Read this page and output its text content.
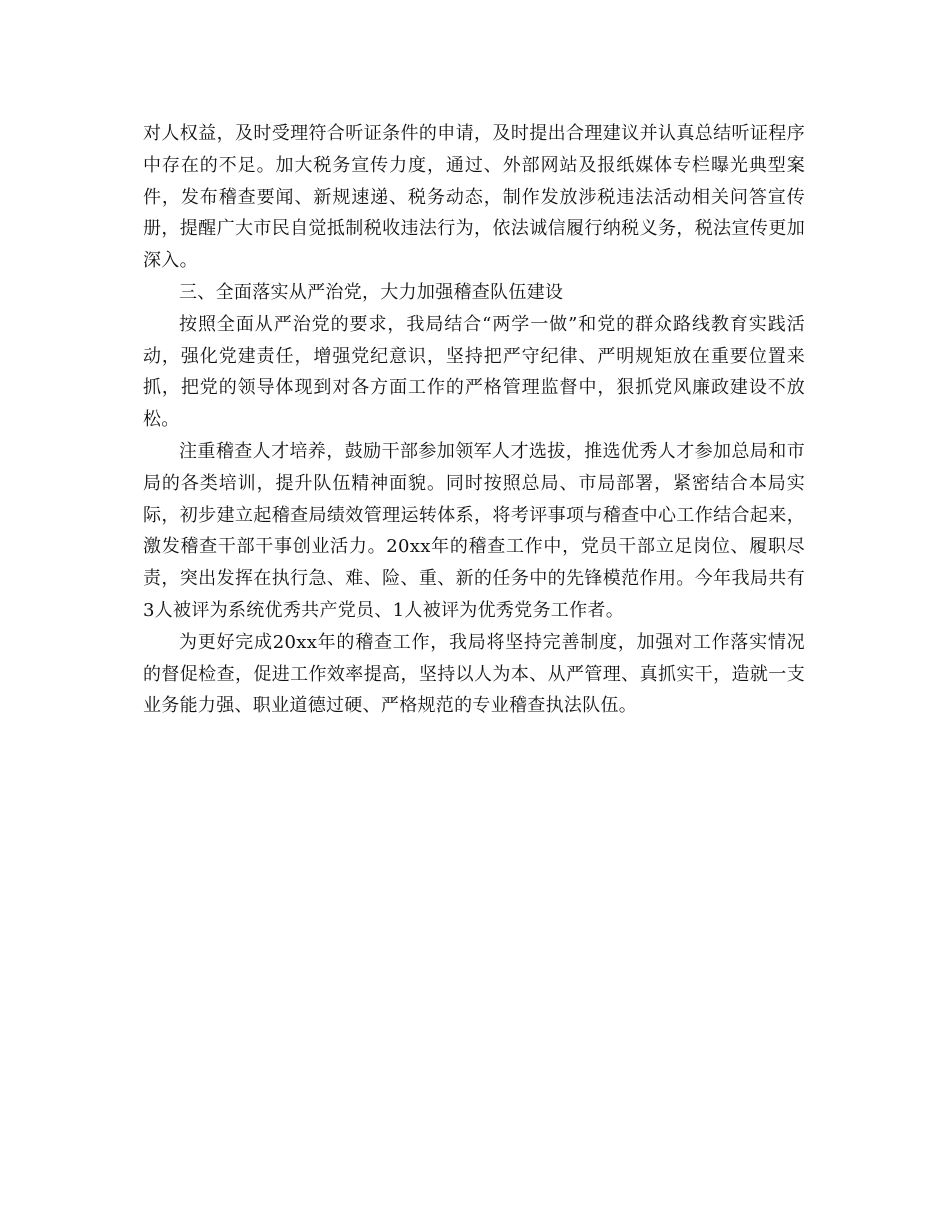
对人权益，及时受理符合听证条件的申请，及时提出合理建议并认真总结听证程序中存在的不足。加大税务宣传力度，通过、外部网站及报纸媒体专栏曝光典型案件，发布稽查要闻、新规速递、税务动态，制作发放涉税违法活动相关问答宣传册，提醒广大市民自觉抵制税收违法行为，依法诚信履行纳税义务，税法宣传更加深入。

三、全面落实从严治党，大力加强稽查队伍建设

按照全面从严治党的要求，我局结合“两学一做”和党的群众路线教育实践活动，强化党建责任，增强党纪意识，坚持把严守纪律、严明规矩放在重要位置来抓，把党的领导体现到对各方面工作的严格管理监督中，狠抓党风廉政建设不放松。

注重稽查人才培养，鼓励干部参加领军人才选拔，推选优秀人才参加总局和市局的各类培训，提升队伍精神面貌。同时按照总局、市局部署，紧密结合本局实际，初步建立起稽查局绩效管理运转体系，将考评事项与稽查中心工作结合起来，激发稽查干部干事创业活力。20xx年的稽查工作中，党员干部立足岗位、履职尽责，突出发挥在执行急、难、险、重、新的任务中的先锋模范作用。今年我局共有3人被评为系统优秀共产党员、1人被评为优秀党务工作者。

为更好完成20xx年的稽查工作，我局将坚持完善制度，加强对工作落实情况的督促检查，促进工作效率提高，坚持以人为本、从严管理、真抓实干，造就一支业务能力强、职业道德过硬、严格规范的专业稽查执法队伍。
